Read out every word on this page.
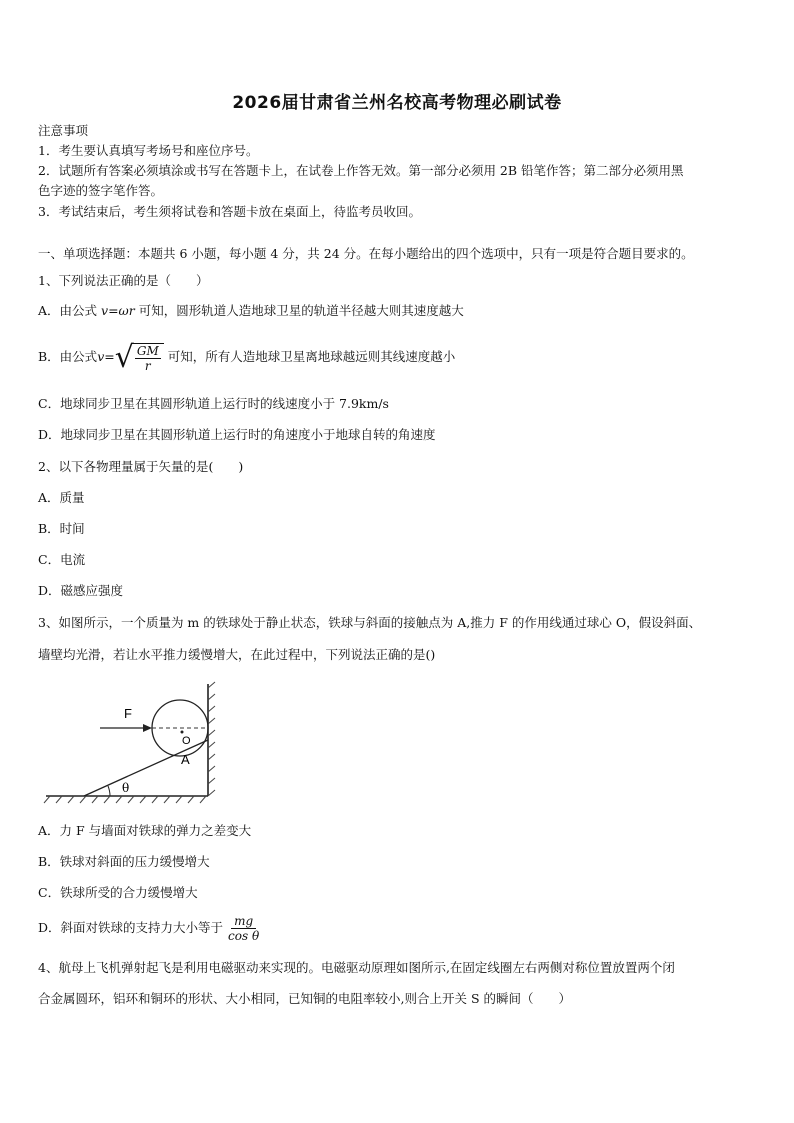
2026届甘肃省兰州名校高考物理必刷试卷
注意事项
1．考生要认真填写考场号和座位序号。
2．试题所有答案必须填涂或书写在答题卡上，在试卷上作答无效。第一部分必须用 2B 铅笔作答；第二部分必须用黑
色字迹的签字笔作答。
3．考试结束后，考生须将试卷和答题卡放在桌面上，待监考员收回。
一、单项选择题：本题共 6 小题，每小题 4 分，共 24 分。在每小题给出的四个选项中，只有一项是符合题目要求的。
1、下列说法正确的是（　　）
A．由公式 v=ωr 可知，圆形轨道人造地球卫星的轨道半径越大则其速度越大
B．由公式v= √
$\frac{GM}{r}$ 可知，所有人造地球卫星离地球越远则其线速度越小
C．地球同步卫星在其圆形轨道上运行时的线速度小于 7.9km/s
D．地球同步卫星在其圆形轨道上运行时的角速度小于地球自转的角速度
2、以下各物理量属于矢量的是(　　)
A．质量
B．时间
C．电流
D．磁感应强度
3、如图所示，一个质量为 m 的铁球处于静止状态，铁球与斜面的接触点为 A,推力 F 的作用线通过球心 O，假设斜面、
墙壁均光滑，若让水平推力缓慢增大，在此过程中，下列说法正确的是()
F
O
A
θ
A．力 F 与墙面对铁球的弹力之差变大
B．铁球对斜面的压力缓慢增大
C．铁球所受的合力缓慢增大
D．斜面对铁球的支持力大小等于 $\frac{mg}{\text{cos θ}}$
4、航母上飞机弹射起飞是利用电磁驱动来实现的。电磁驱动原理如图所示,在固定线圈左右两侧对称位置放置两个闭
合金属圆环，铝环和铜环的形状、大小相同，已知铜的电阻率较小,则合上开关 S 的瞬间（　　）
